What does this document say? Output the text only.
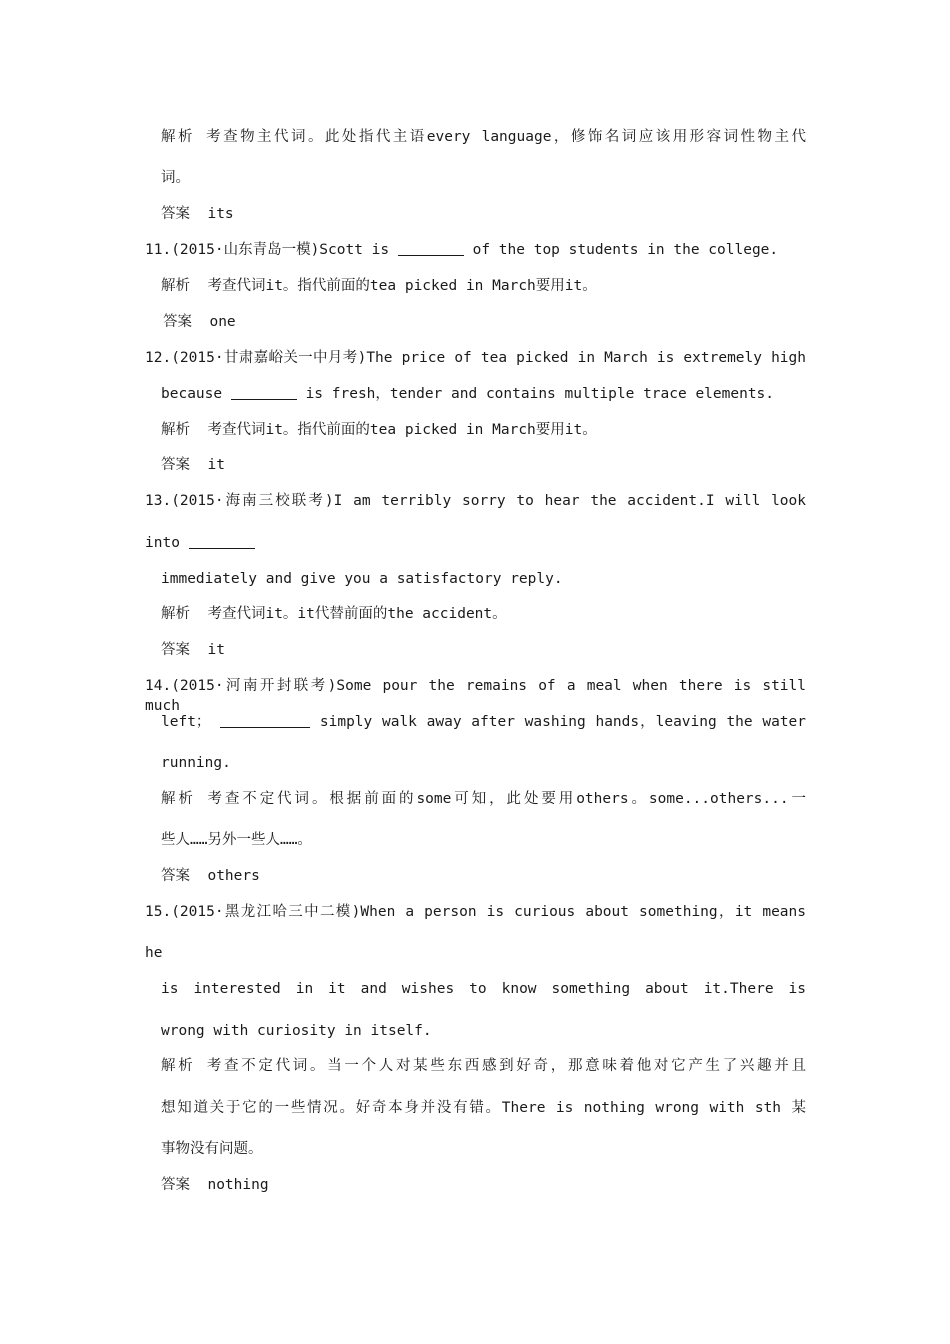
解析 考查物主代词。此处指代主语every language，修饰名词应该用形容词性物主代
词。
答案  its
11.(2015·山东青岛一模)Scott is	of the top students in the college.
解析  考查代词it。指代前面的tea picked in March要用it。
答案  one
12.(2015·甘肃嘉峪关一中月考)The price of tea picked in March is extremely high
because	is fresh，tender and contains multiple trace elements.
解析  考查代词it。指代前面的tea picked in March要用it。
答案  it
13.(2015·海南三校联考)I am terribly sorry to hear the accident.I will look
into
immediately and give you a satisfactory reply.
解析  考查代词it。it代替前面的the accident。
答案  it
14.(2015·河南开封联考)Some pour the remains of a meal when there is still much
left；	simply walk away after washing hands，leaving the water
running.
解析 考查不定代词。根据前面的some可知，此处要用others。some...others...一
些人……另外一些人……。
答案  others
15.(2015·黑龙江哈三中二模)When a person is curious about something，it means
he
is interested in it and wishes to know something about it.There is
wrong with curiosity in itself.
解析 考查不定代词。当一个人对某些东西感到好奇，那意味着他对它产生了兴趣并且
想知道关于它的一些情况。好奇本身并没有错。There is nothing wrong with sth 某
事物没有问题。
答案  nothing
